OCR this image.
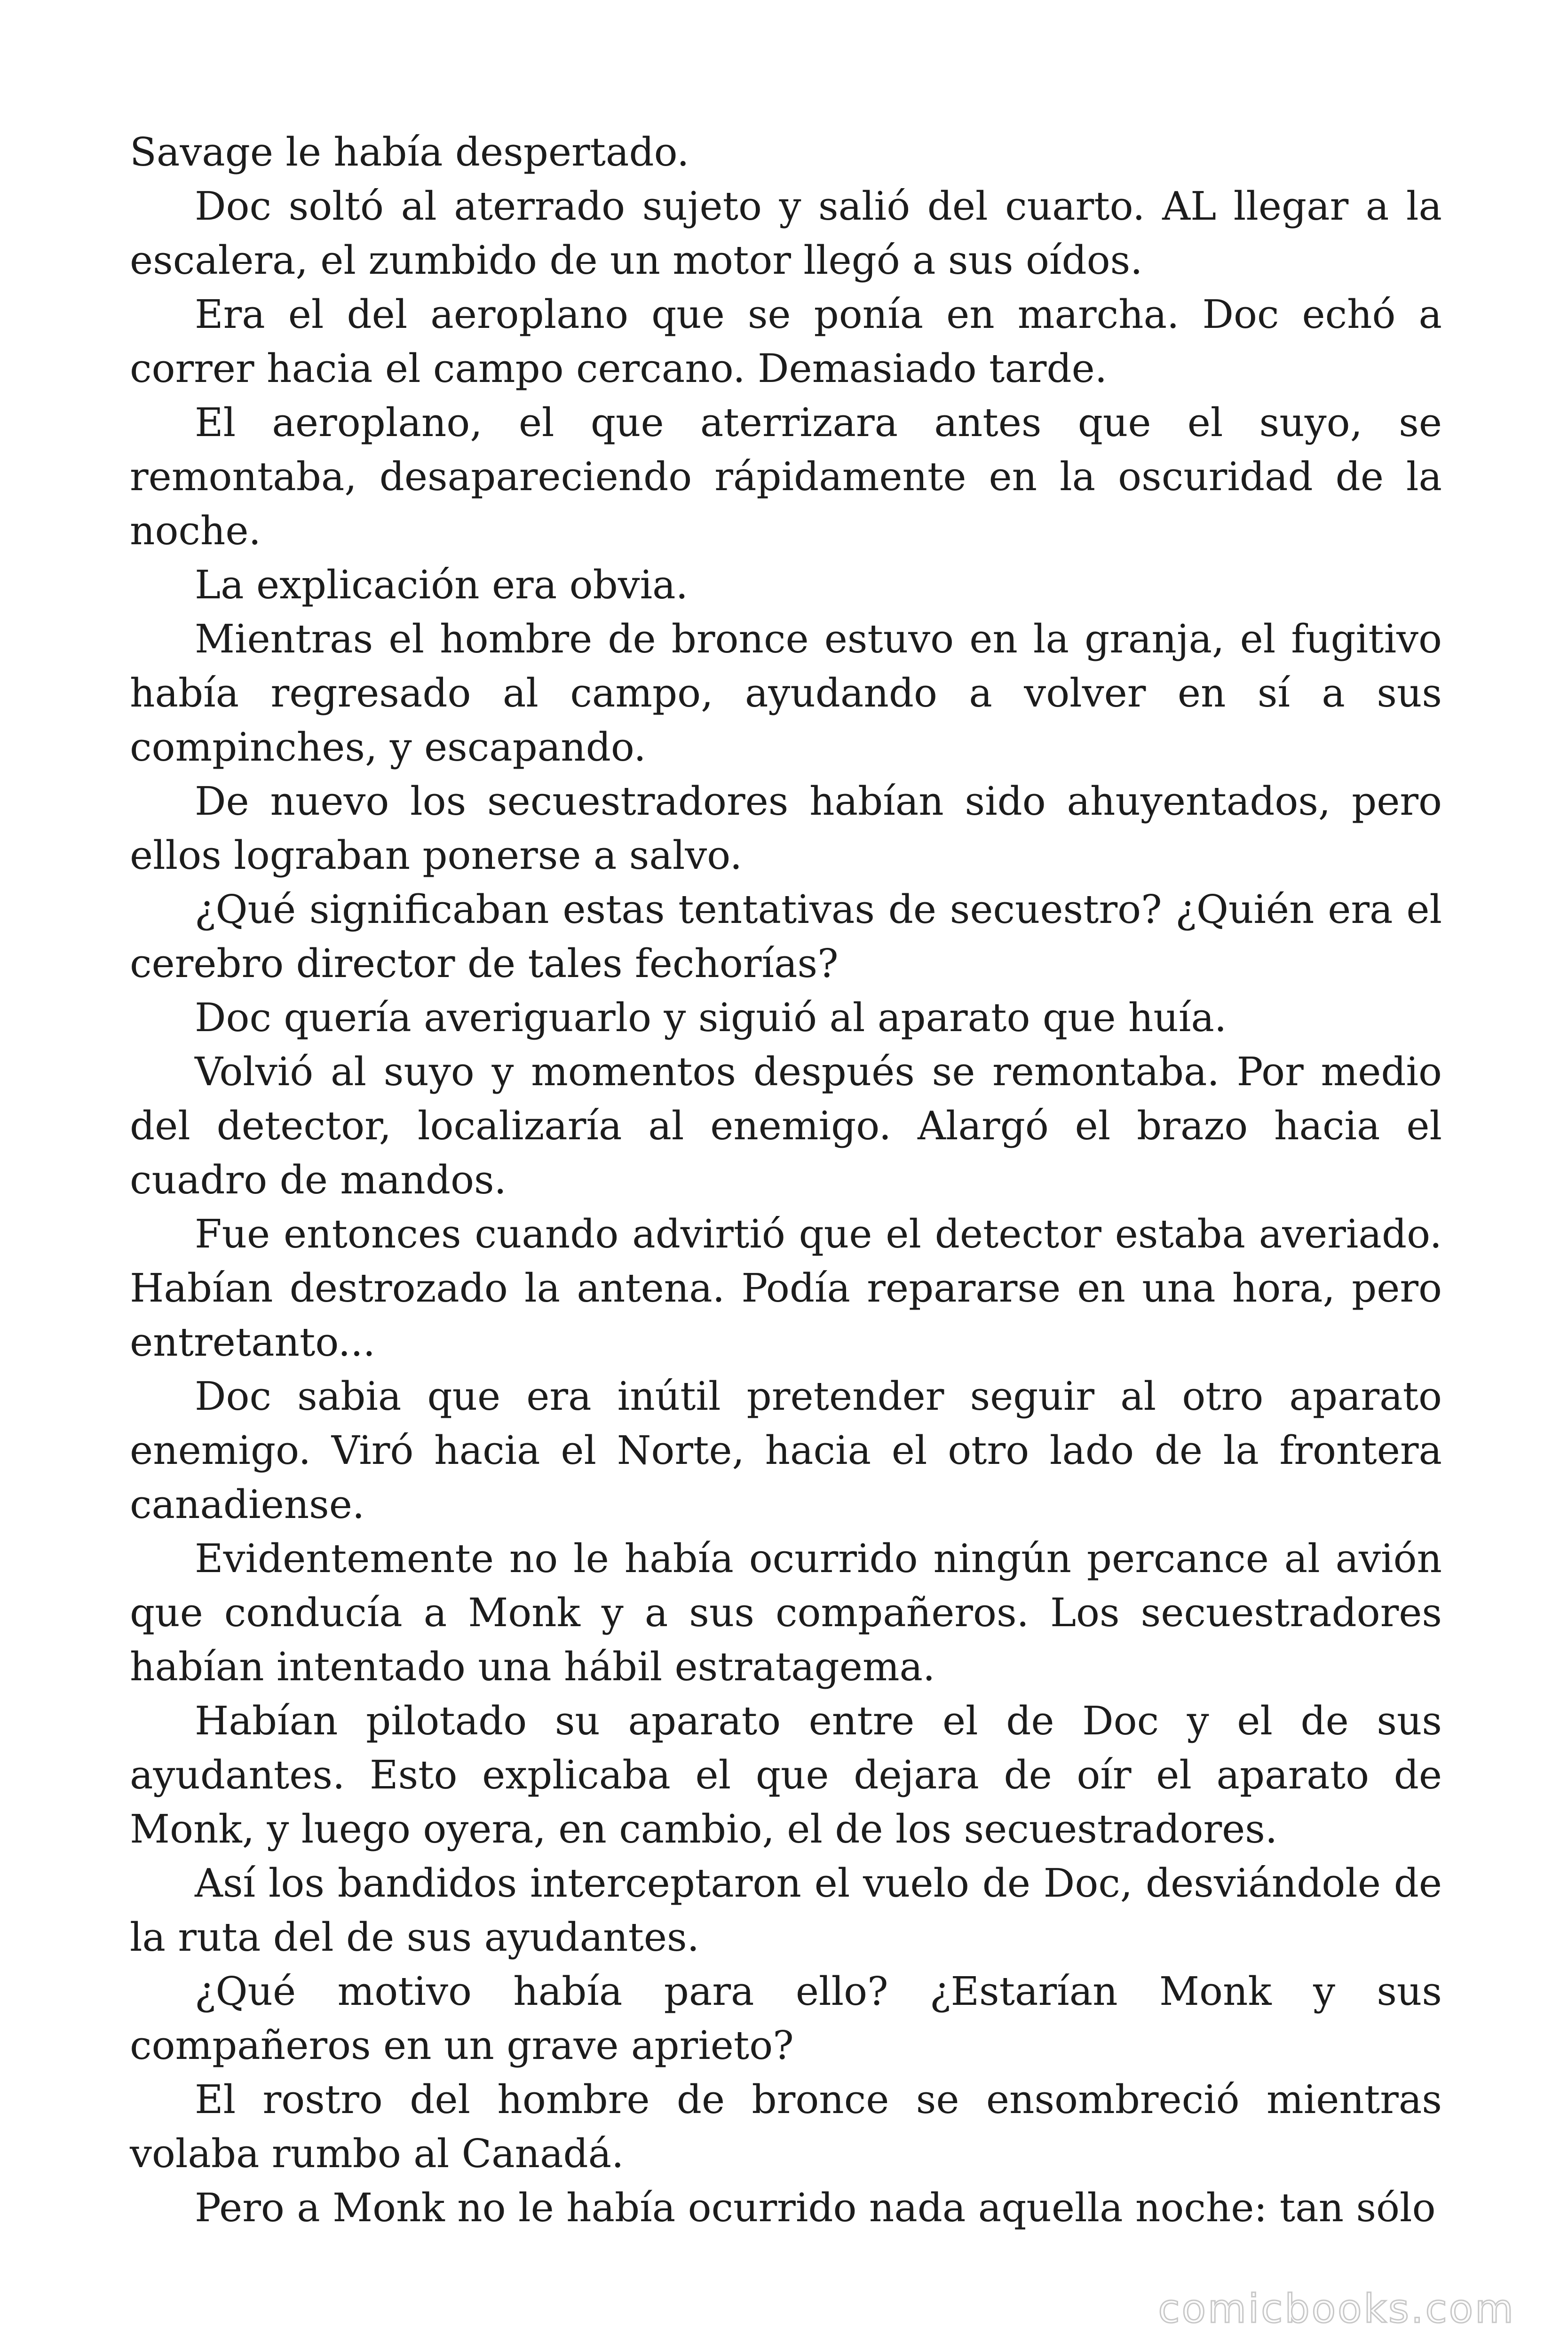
Savage le había despertado.

Doc soltó al aterrado sujeto y salió del cuarto. AL llegar a la escalera, el zumbido de un motor llegó a sus oídos.

Era el del aeroplano que se ponía en marcha. Doc echó a correr hacia el campo cercano. Demasiado tarde.

El aeroplano, el que aterrizara antes que el suyo, se remontaba, desapareciendo rápidamente en la oscuridad de la noche.

La explicación era obvia.

Mientras el hombre de bronce estuvo en la granja, el fugitivo había regresado al campo, ayudando a volver en sí a sus compinches, y escapando.

De nuevo los secuestradores habían sido ahuyentados, pero ellos lograban ponerse a salvo.

¿Qué significaban estas tentativas de secuestro? ¿Quién era el cerebro director de tales fechorías?

Doc quería averiguarlo y siguió al aparato que huía.

Volvió al suyo y momentos después se remontaba. Por medio del detector, localizaría al enemigo. Alargó el brazo hacia el cuadro de mandos.

Fue entonces cuando advirtió que el detector estaba averiado. Habían destrozado la antena. Podía repararse en una hora, pero entretanto...

Doc sabia que era inútil pretender seguir al otro aparato enemigo. Viró hacia el Norte, hacia el otro lado de la frontera canadiense.

Evidentemente no le había ocurrido ningún percance al avión que conducía a Monk y a sus compañeros. Los secuestradores habían intentado una hábil estratagema.

Habían pilotado su aparato entre el de Doc y el de sus ayudantes. Esto explicaba el que dejara de oír el aparato de Monk, y luego oyera, en cambio, el de los secuestradores.

Así los bandidos interceptaron el vuelo de Doc, desviándole de la ruta del de sus ayudantes.

¿Qué motivo había para ello? ¿Estarían Monk y sus compañeros en un grave aprieto?

El rostro del hombre de bronce se ensombreció mientras volaba rumbo al Canadá.

Pero a Monk no le había ocurrido nada aquella noche: tan sólo

comicbooks.com
